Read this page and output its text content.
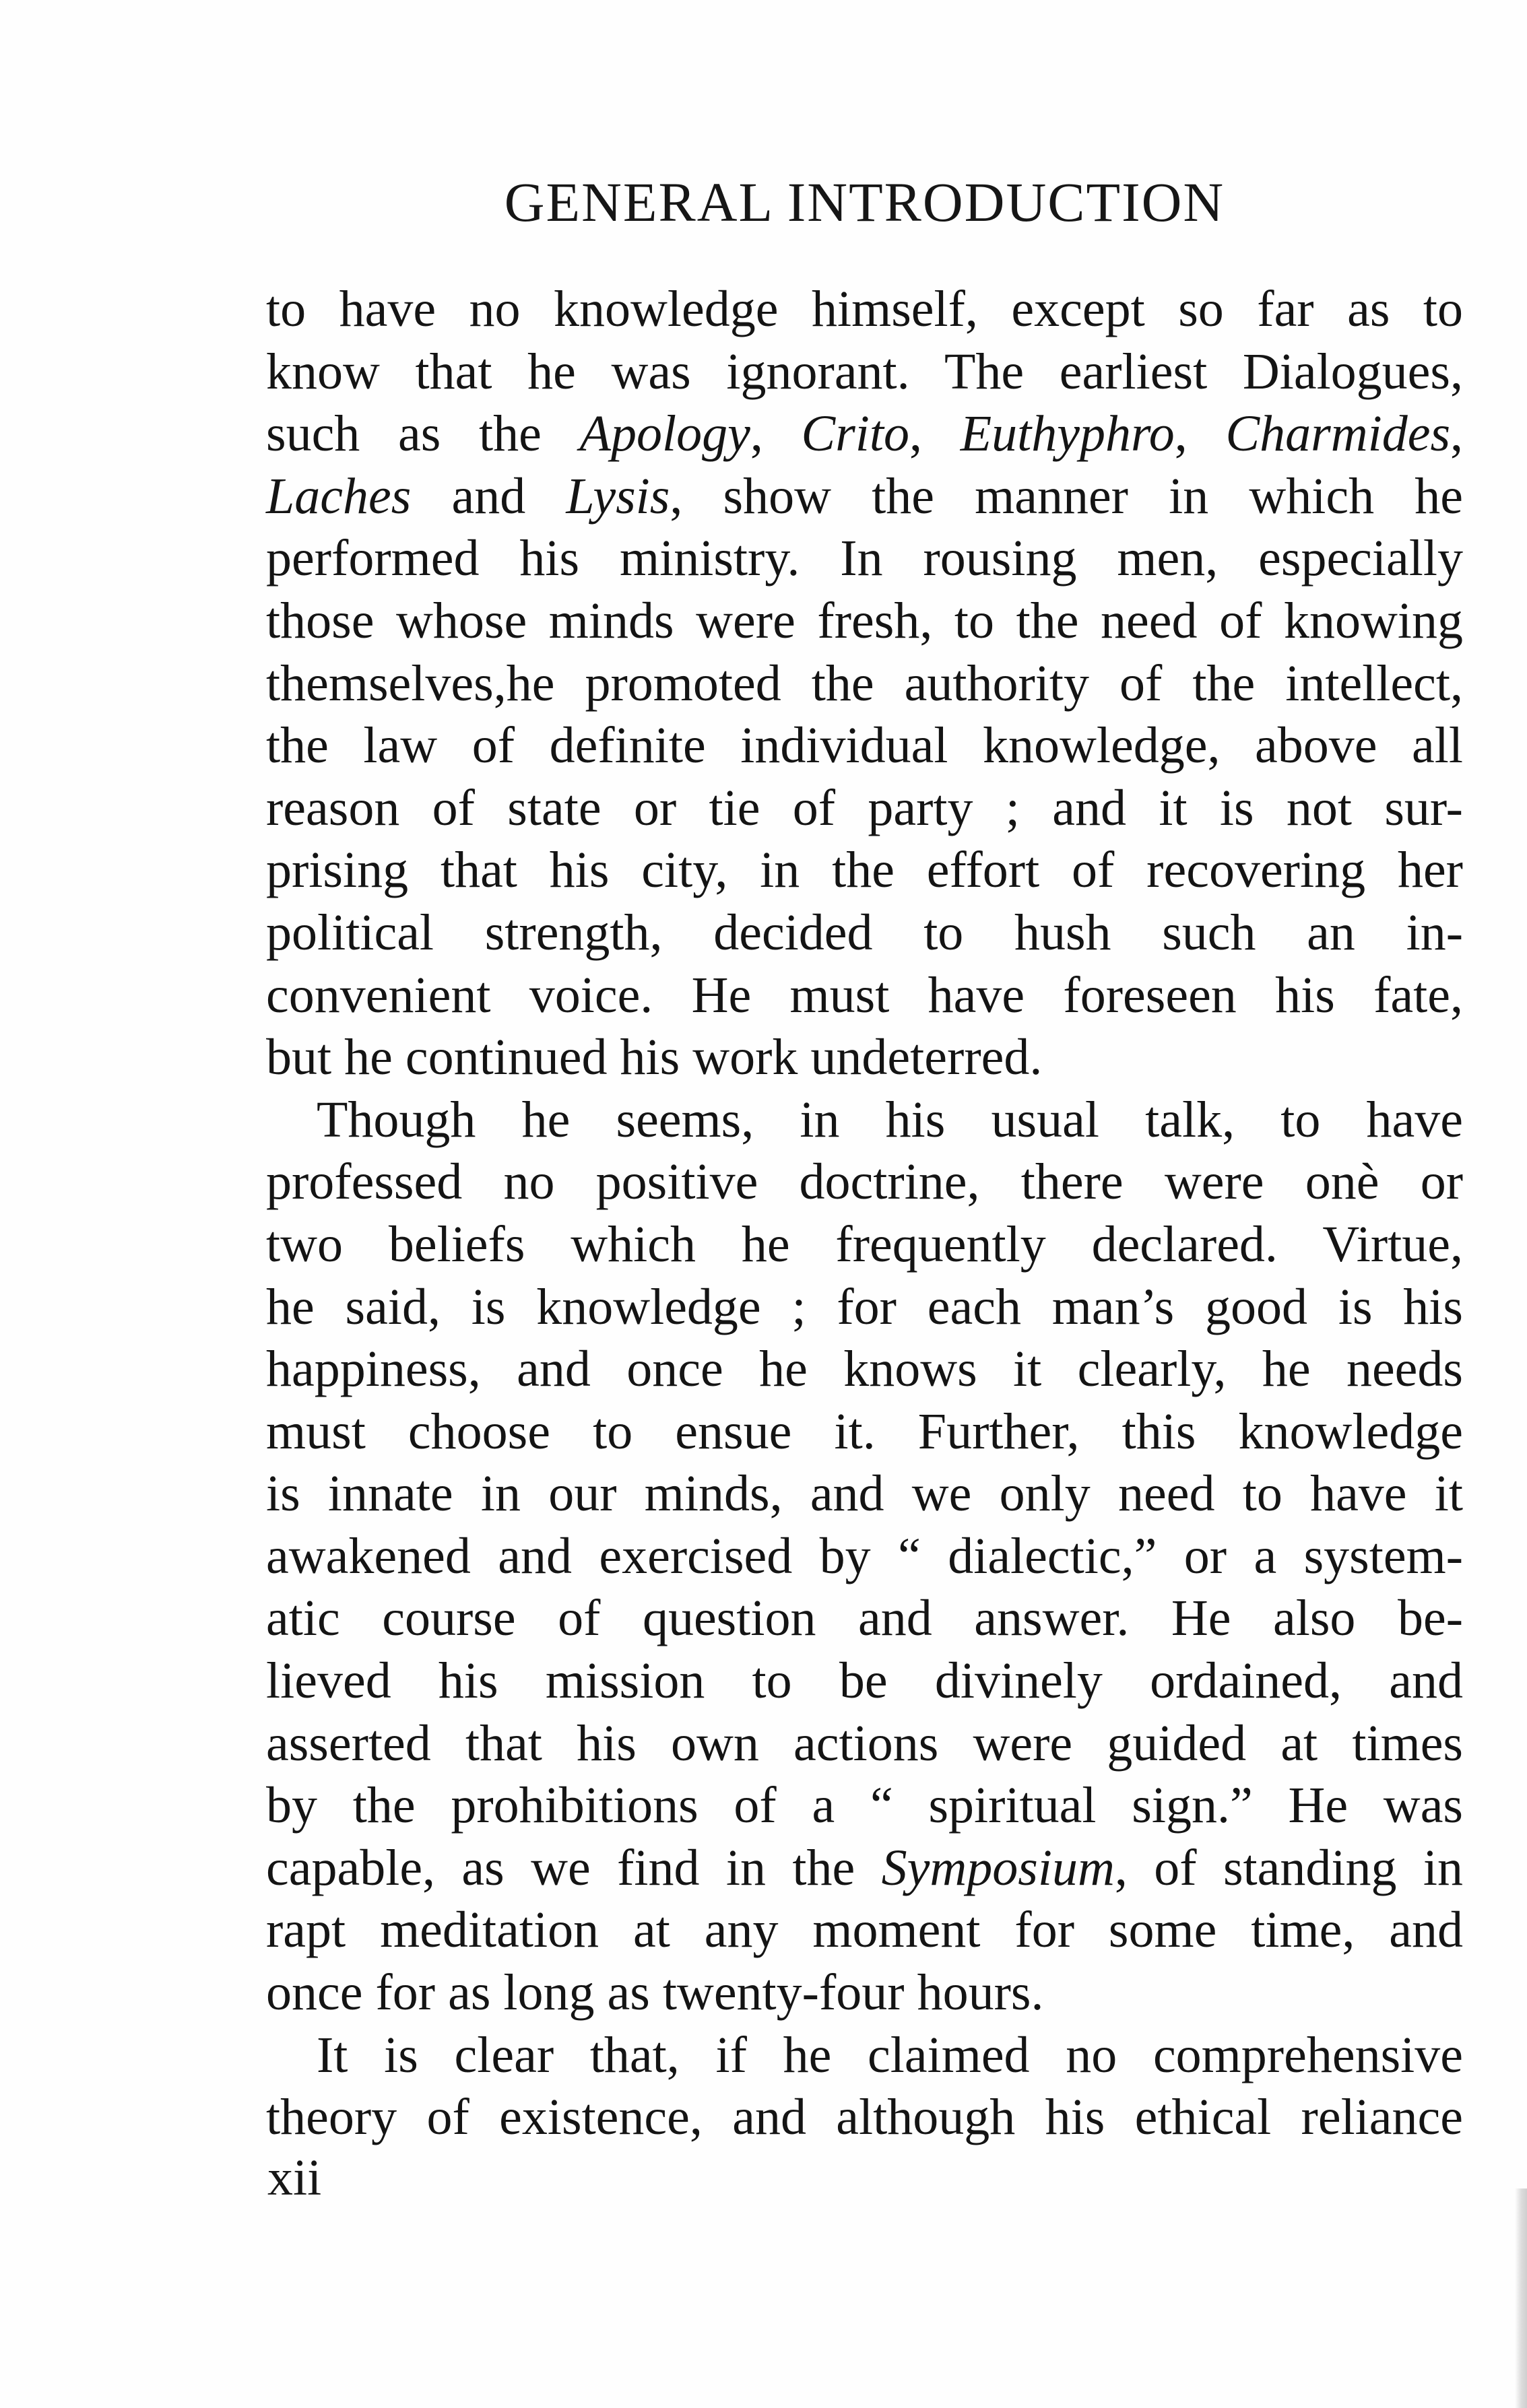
GENERAL INTRODUCTION
to have no knowledge himself, except so far as to
know that he was ignorant. The earliest Dialogues,
such as the Apology, Crito, Euthyphro, Charmides,
Laches and Lysis, show the manner in which he
performed his ministry. In rousing men, especially
those whose minds were fresh, to the need of knowing
themselves,he promoted the authority of the intellect,
the law of definite individual knowledge, above all
reason of state or tie of party ; and it is not sur-
prising that his city, in the effort of recovering her
political strength, decided to hush such an in-
convenient voice. He must have foreseen his fate,
but he continued his work undeterred.
Though he seems, in his usual talk, to have
professed no positive doctrine, there were onè or
two beliefs which he frequently declared. Virtue,
he said, is knowledge ; for each man’s good is his
happiness, and once he knows it clearly, he needs
must choose to ensue it. Further, this knowledge
is innate in our minds, and we only need to have it
awakened and exercised by “ dialectic,” or a system-
atic course of question and answer. He also be-
lieved his mission to be divinely ordained, and
asserted that his own actions were guided at times
by the prohibitions of a “ spiritual sign.” He was
capable, as we find in the Symposium, of standing in
rapt meditation at any moment for some time, and
once for as long as twenty-four hours.
It is clear that, if he claimed no comprehensive
theory of existence, and although his ethical reliance
xii
